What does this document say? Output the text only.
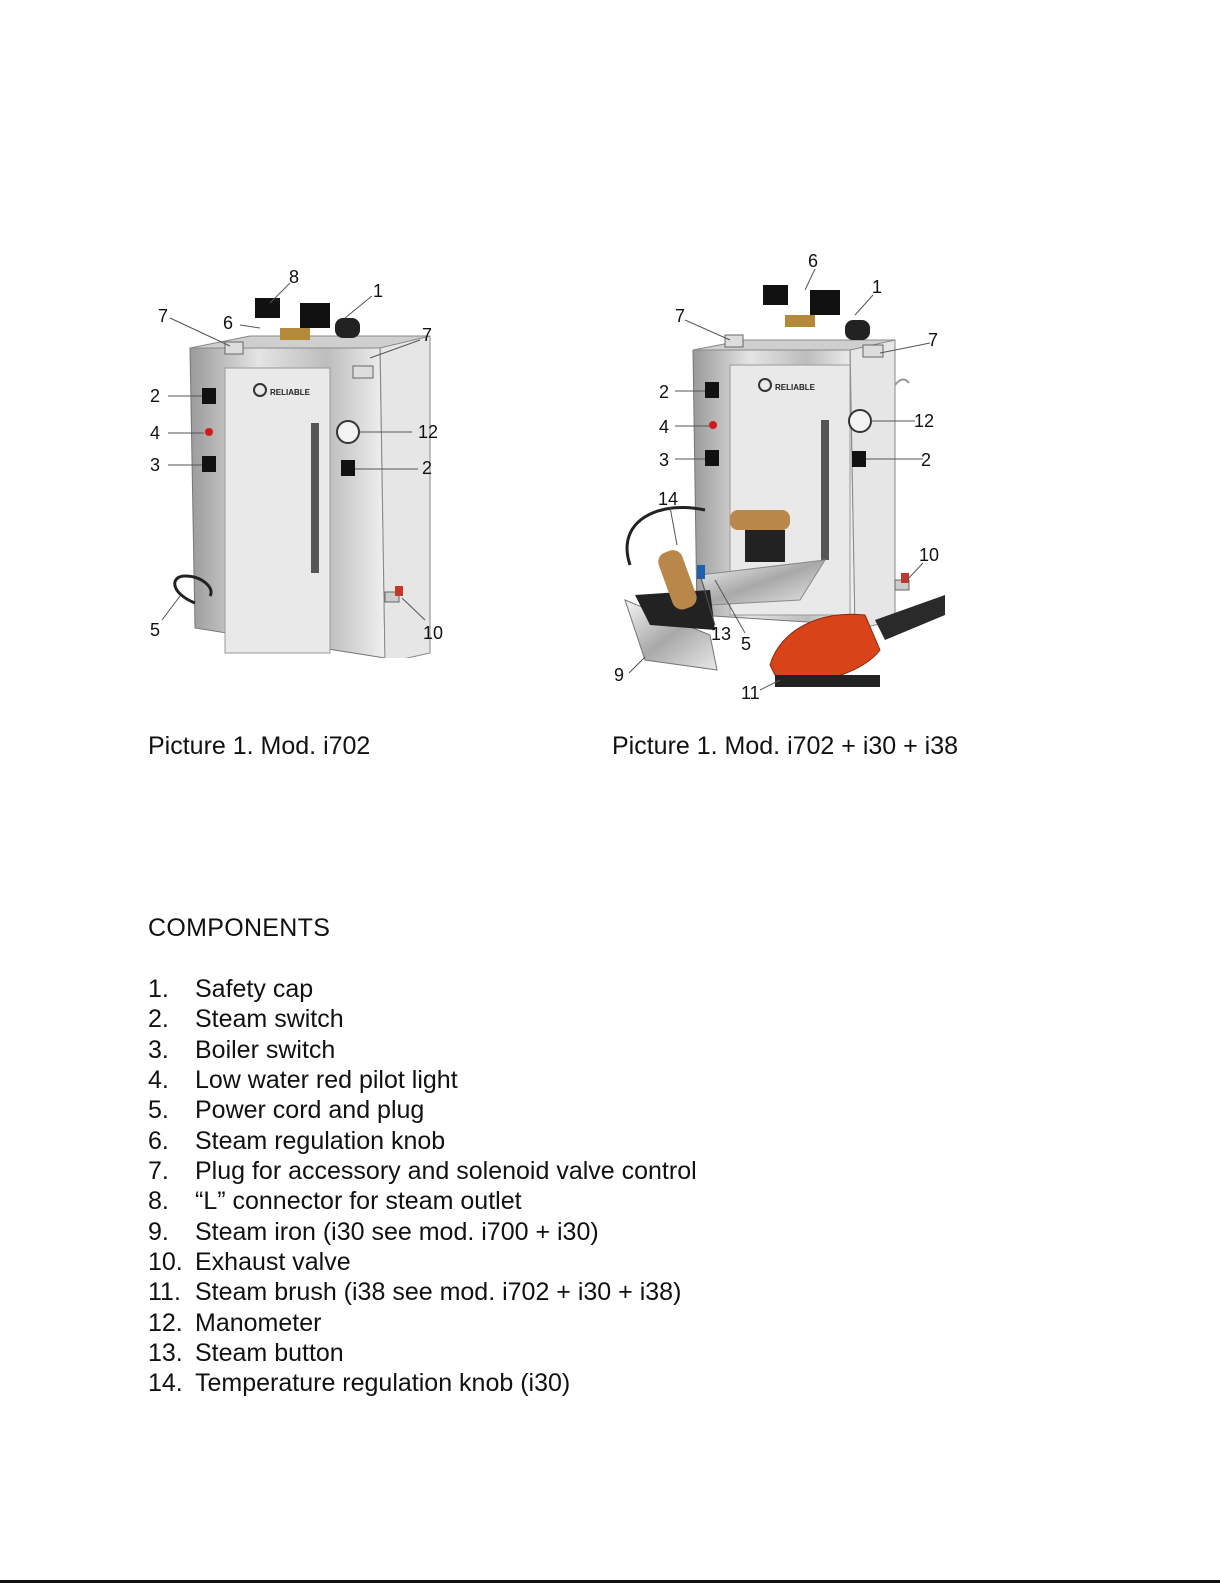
RELIABLE
8
1
7	6
7
2
4	12
3	2
5	10
RELIABLE
6
1
7
7
2
4	12
3	2
14
10
13 5
9
11
Picture 1. Mod. i702	Picture 1. Mod. i702 + i30 + i38
COMPONENTS
1.	Safety cap
2.	Steam switch
3.	Boiler switch
4.	Low water red pilot light
5.	Power cord and plug
6.	Steam regulation knob
7.	Plug for accessory and solenoid valve control
8.	“L” connector for steam outlet
9.	Steam iron (i30 see mod. i700 + i30)
10. Exhaust valve
11. Steam brush (i38 see mod. i702 + i30 + i38)
12. Manometer
13. Steam button
14. Temperature regulation knob (i30)
